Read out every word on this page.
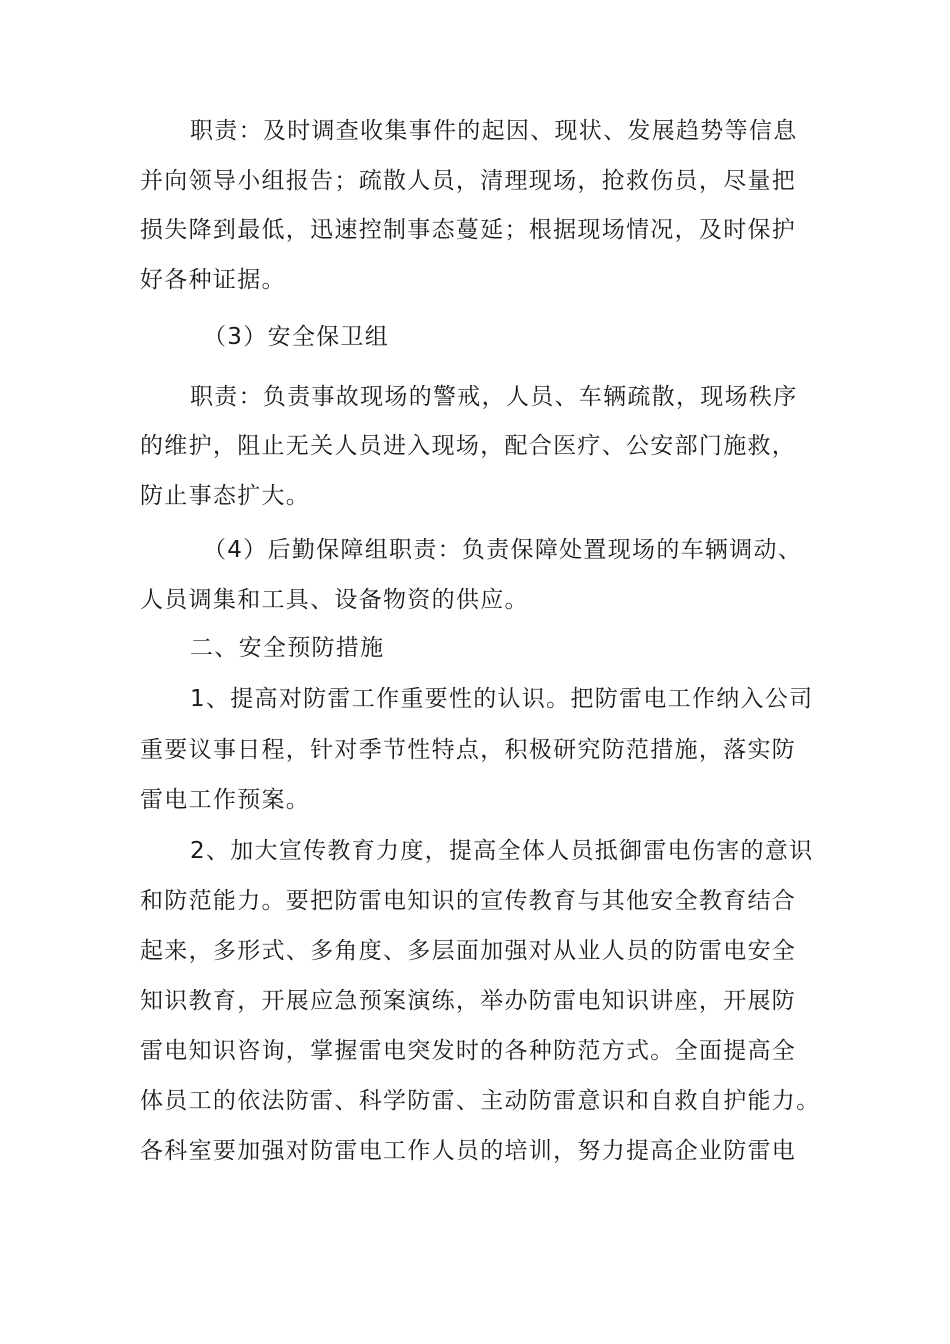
职责：及时调查收集事件的起因、现状、发展趋势等信息
并向领导小组报告；疏散人员，清理现场，抢救伤员，尽量把
损失降到最低，迅速控制事态蔓延；根据现场情况，及时保护
好各种证据。
（3）安全保卫组
职责：负责事故现场的警戒，人员、车辆疏散，现场秩序
的维护，阻止无关人员进入现场，配合医疗、公安部门施救，
防止事态扩大。
（4）后勤保障组职责：负责保障处置现场的车辆调动、
人员调集和工具、设备物资的供应。
二、安全预防措施
1、提高对防雷工作重要性的认识。把防雷电工作纳入公司
重要议事日程，针对季节性特点，积极研究防范措施，落实防
雷电工作预案。
2、加大宣传教育力度，提高全体人员抵御雷电伤害的意识
和防范能力。要把防雷电知识的宣传教育与其他安全教育结合
起来，多形式、多角度、多层面加强对从业人员的防雷电安全
知识教育，开展应急预案演练，举办防雷电知识讲座，开展防
雷电知识咨询，掌握雷电突发时的各种防范方式。全面提高全
体员工的依法防雷、科学防雷、主动防雷意识和自救自护能力。
各科室要加强对防雷电工作人员的培训，努力提高企业防雷电
